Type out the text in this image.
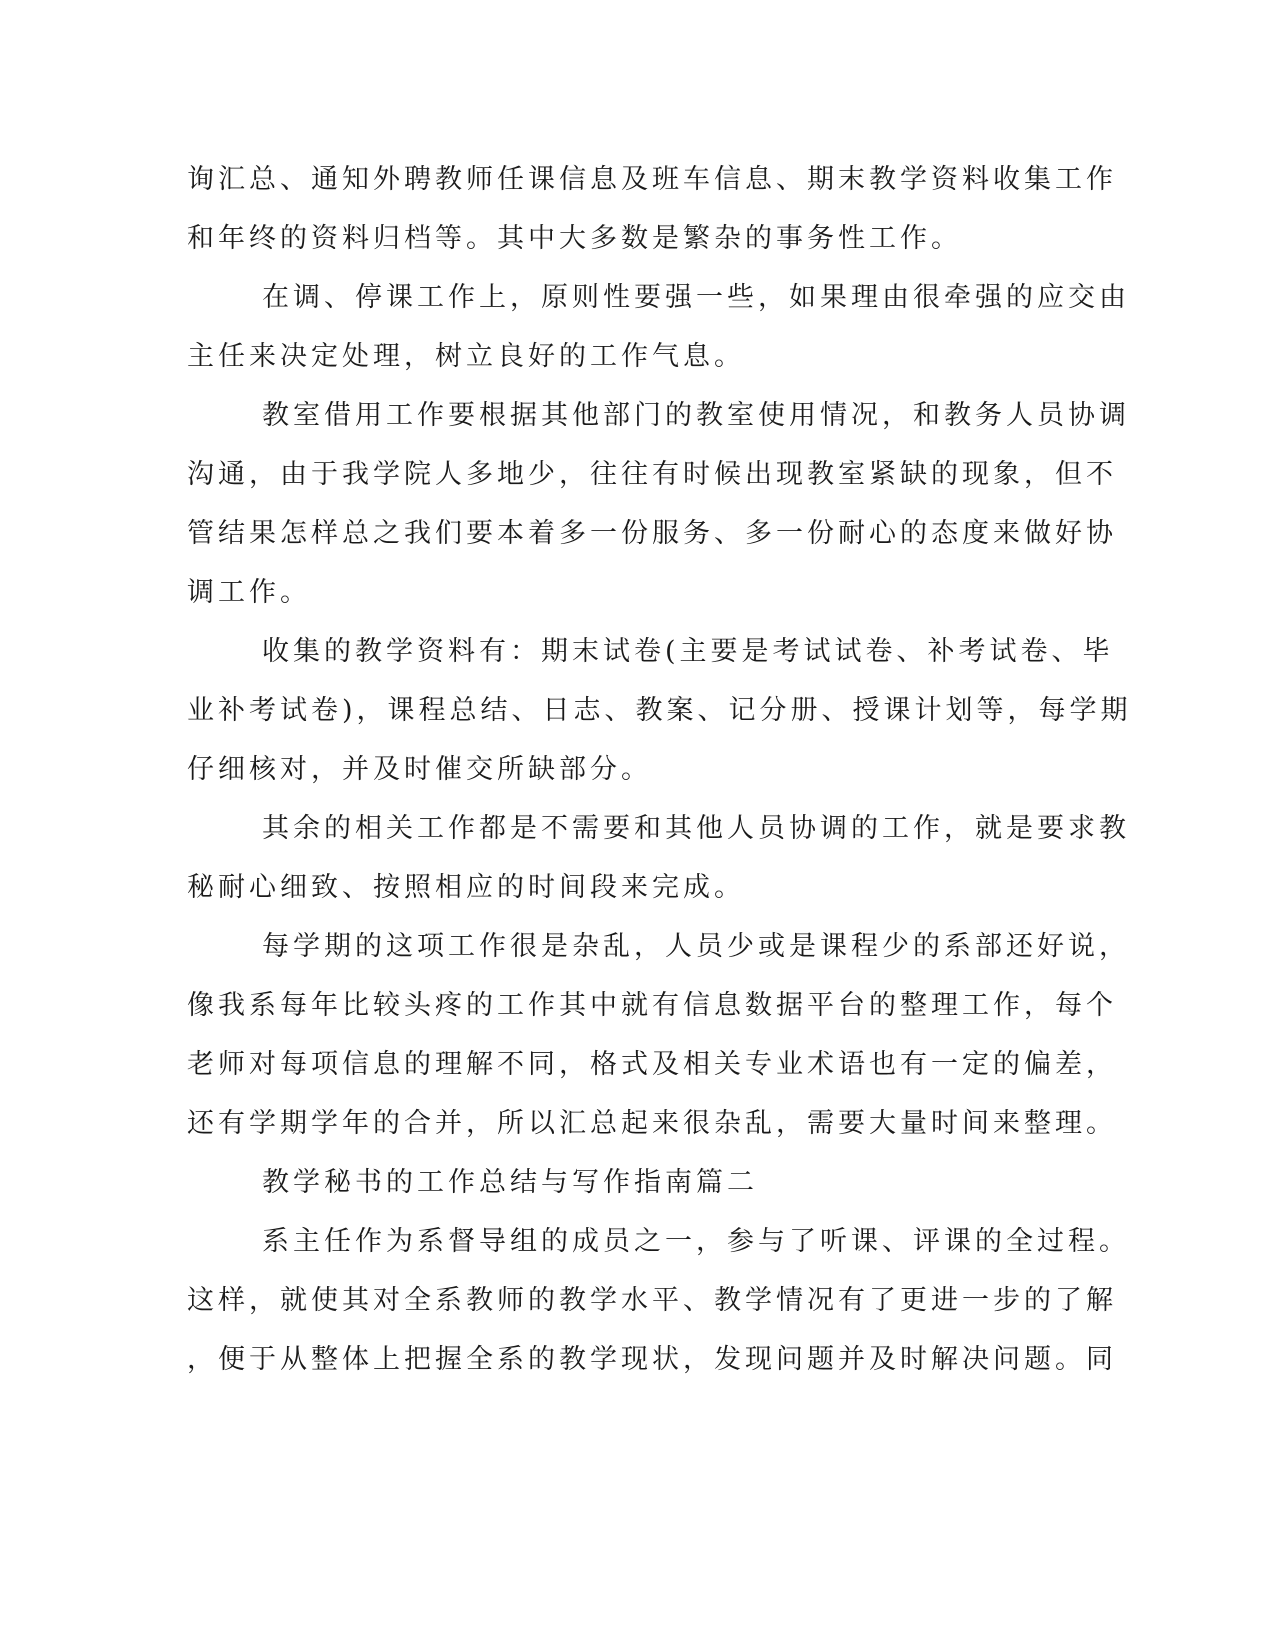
询汇总、通知外聘教师任课信息及班车信息、期末教学资料收集工作
和年终的资料归档等。其中大多数是繁杂的事务性工作。
在调、停课工作上，原则性要强一些，如果理由很牵强的应交由
主任来决定处理，树立良好的工作气息。
教室借用工作要根据其他部门的教室使用情况，和教务人员协调
沟通，由于我学院人多地少，往往有时候出现教室紧缺的现象，但不
管结果怎样总之我们要本着多一份服务、多一份耐心的态度来做好协
调工作。
收集的教学资料有：期末试卷(主要是考试试卷、补考试卷、毕
业补考试卷)，课程总结、日志、教案、记分册、授课计划等，每学期
仔细核对，并及时催交所缺部分。
其余的相关工作都是不需要和其他人员协调的工作，就是要求教
秘耐心细致、按照相应的时间段来完成。
每学期的这项工作很是杂乱，人员少或是课程少的系部还好说，
像我系每年比较头疼的工作其中就有信息数据平台的整理工作，每个
老师对每项信息的理解不同，格式及相关专业术语也有一定的偏差，
还有学期学年的合并，所以汇总起来很杂乱，需要大量时间来整理。
教学秘书的工作总结与写作指南篇二
系主任作为系督导组的成员之一，参与了听课、评课的全过程。
这样，就使其对全系教师的教学水平、教学情况有了更进一步的了解
，便于从整体上把握全系的教学现状，发现问题并及时解决问题。同
